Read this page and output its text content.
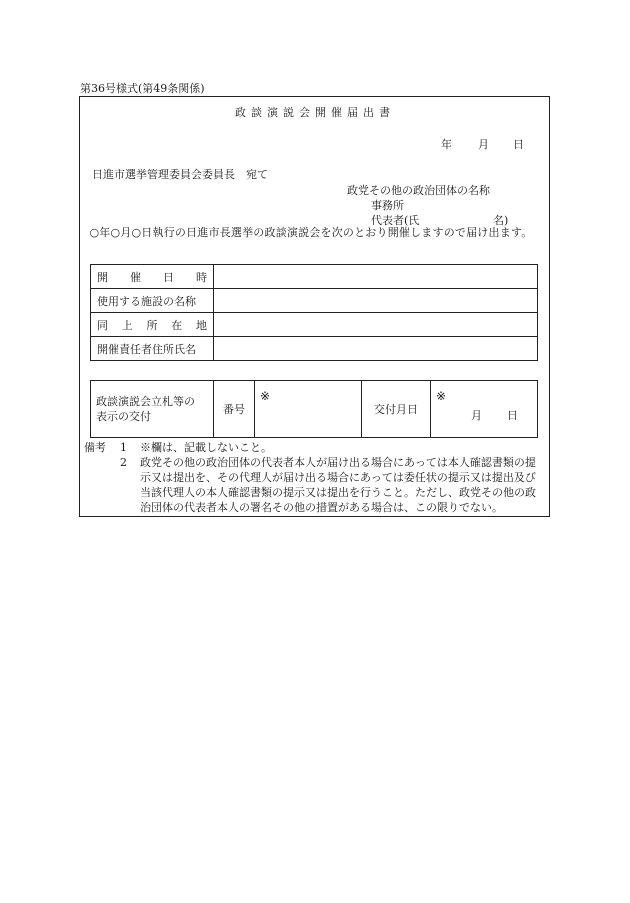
第36号様式(第49条関係)
政談演説会開催届出書
年 月 日
日進市選挙管理委員会委員長　宛て
政党その他の政治団体の名称
事務所
代表者(氏	名)
○年○月○日執行の日進市長選挙の政談演説会を次のとおり開催しますので届け出ます。
開 催 日 時	

使用する施設の名称	

同 上 所 在 地	

開催責任者住所氏名	
政談演説会立札等の
表示の交付
	番号	※	交付月日	※
月 日
備考	1	※欄は、記載しないこと。
2	政党その他の政治団体の代表者本人が届け出る場合にあっては本人確認書類の提示又は提出を、その代理人が届け出る場合にあっては委任状の提示又は提出及び当該代理人の本人確認書類の提示又は提出を行うこと。ただし、政党その他の政治団体の代表者本人の署名その他の措置がある場合は、この限りでない。
